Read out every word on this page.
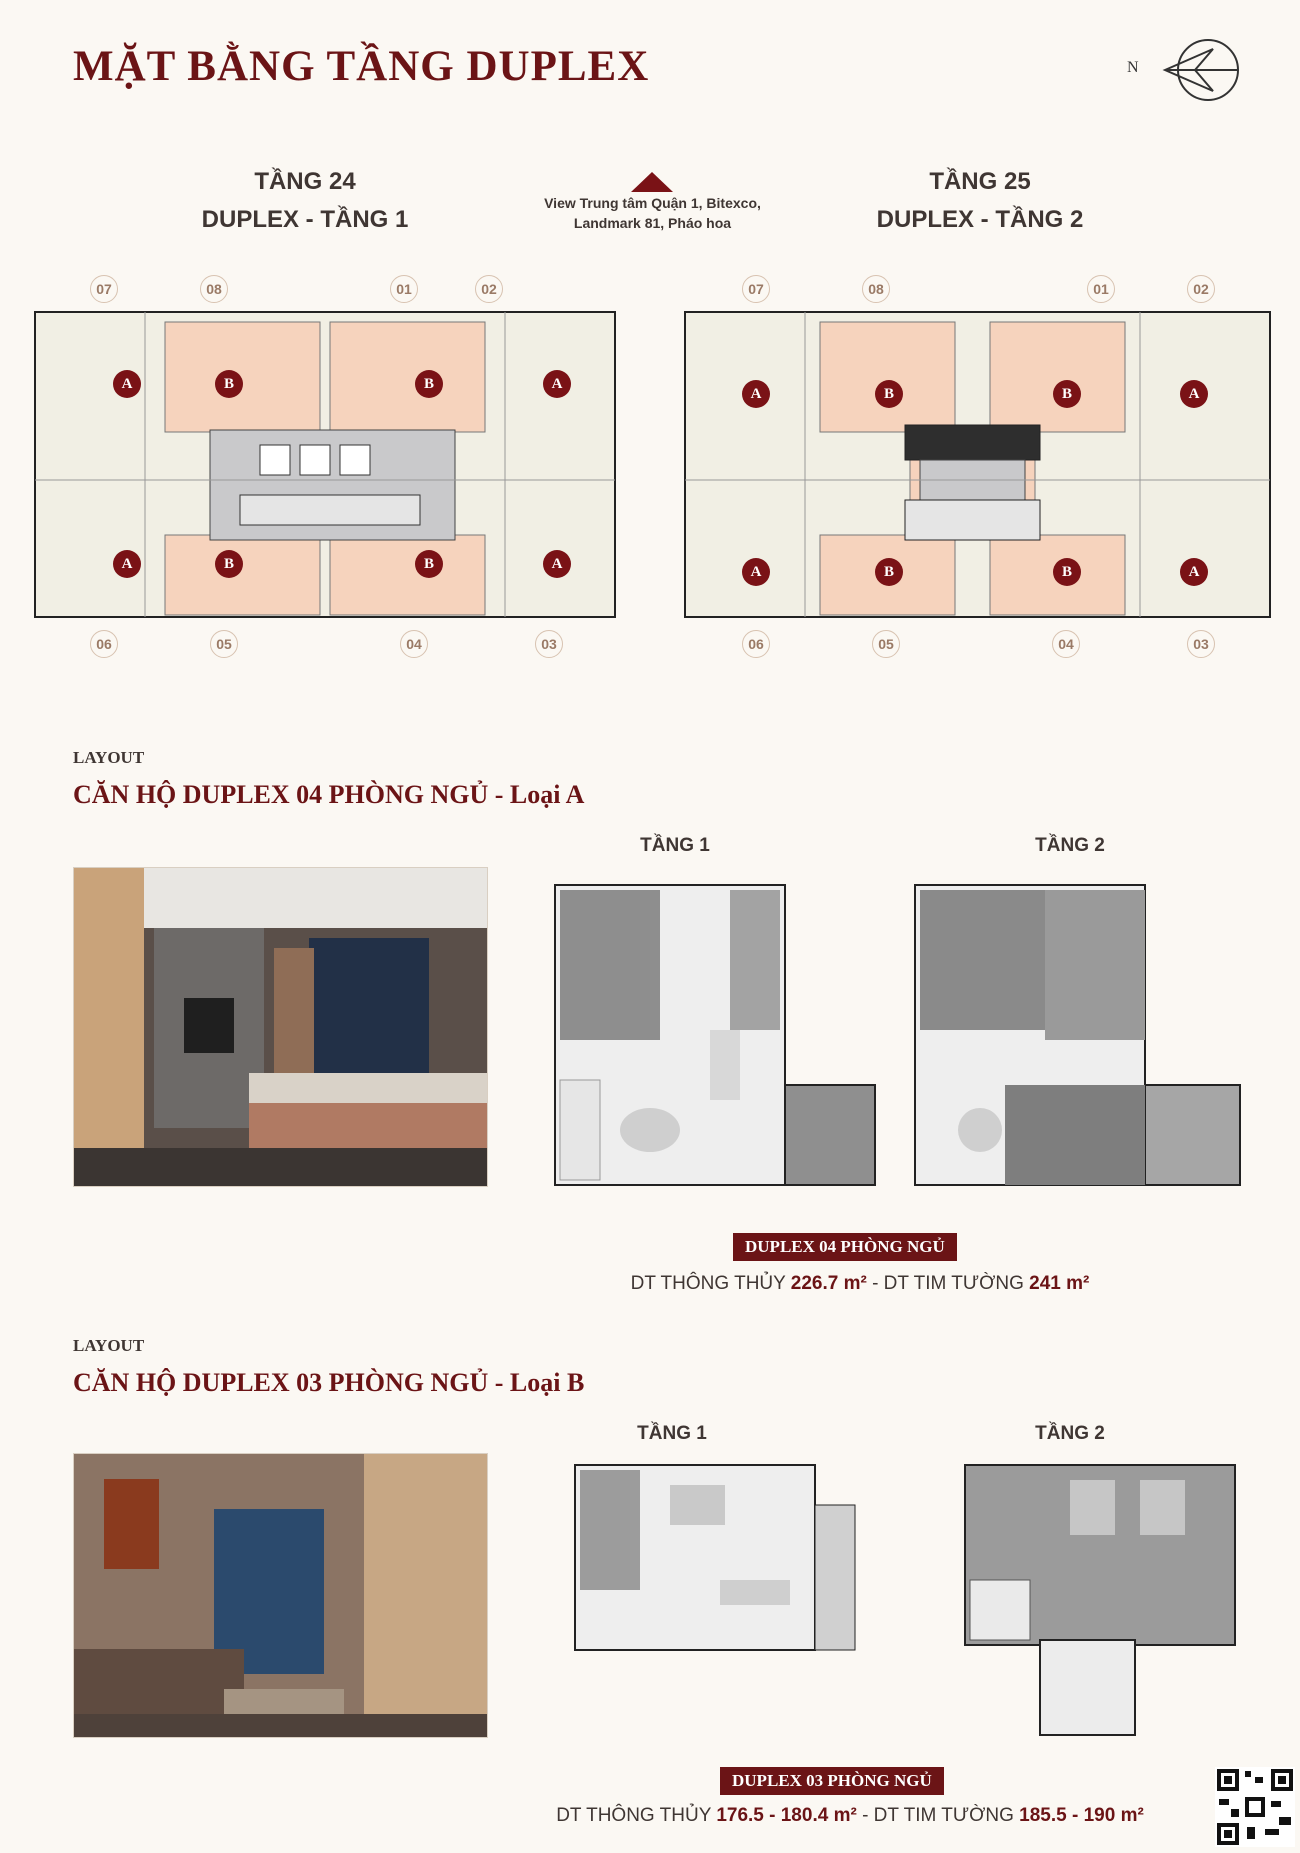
MẶT BẰNG TẦNG DUPLEX	N
TẦNG 24
DUPLEX - TẦNG 1
View Trung tâm Quận 1, Bitexco,
Landmark 81, Pháo hoa
TẦNG 25
DUPLEX - TẦNG 2
07	08	01	02
06	05	04	03
A	B	B	A
A	B	B	A
07	08	01	02
06	05	04	03
A	B	B	A
A	B	B	A
LAYOUT
CĂN HỘ DUPLEX 04 PHÒNG NGỦ - Loại A
TẦNG 1	TẦNG 2
DUPLEX 04 PHÒNG NGỦ
DT THÔNG THỦY 226.7 m² - DT TIM TƯỜNG 241 m²
LAYOUT
CĂN HỘ DUPLEX 03 PHÒNG NGỦ - Loại B
TẦNG 1	TẦNG 2
DUPLEX 03 PHÒNG NGỦ
DT THÔNG THỦY 176.5 - 180.4 m² - DT TIM TƯỜNG 185.5 - 190 m²
